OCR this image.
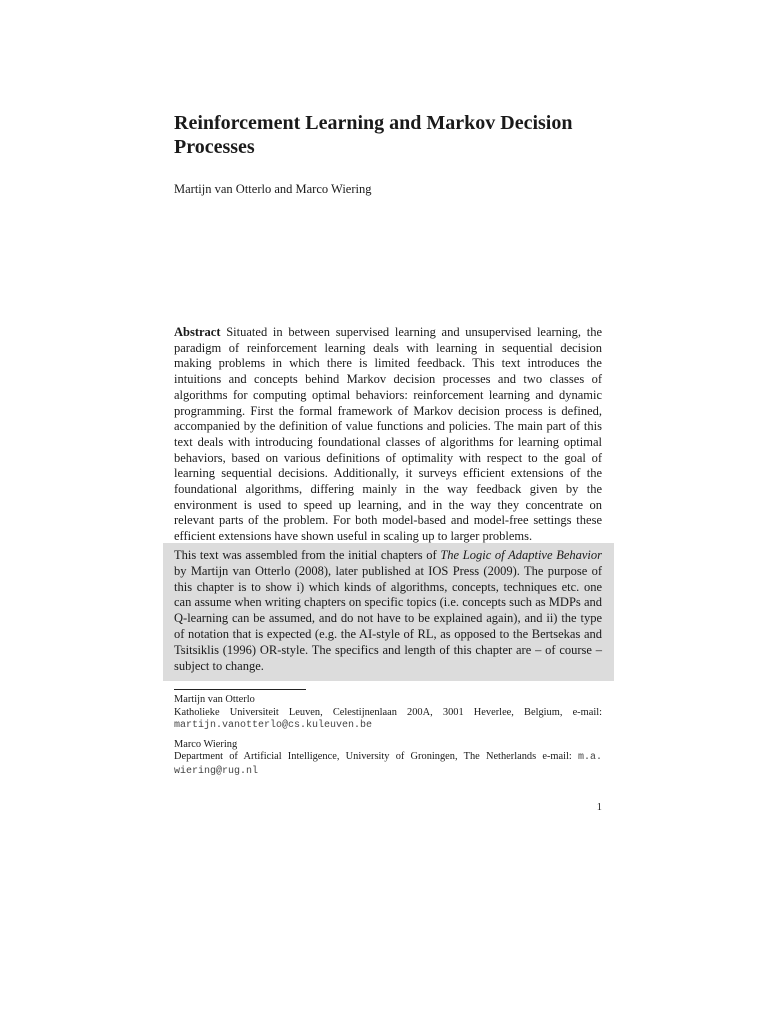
Reinforcement Learning and Markov Decision Processes
Martijn van Otterlo and Marco Wiering

Abstract Situated in between supervised learning and unsupervised learning, the paradigm of reinforcement learning deals with learning in sequential decision making problems in which there is limited feedback. This text introduces the intuitions and concepts behind Markov decision processes and two classes of algorithms for computing optimal behaviors: reinforcement learning and dynamic programming. First the formal framework of Markov decision process is defined, accompanied by the definition of value functions and policies. The main part of this text deals with introducing foundational classes of algorithms for learning optimal behaviors, based on various definitions of optimality with respect to the goal of learning sequential decisions. Additionally, it surveys efficient extensions of the foundational algorithms, differing mainly in the way feedback given by the environment is used to speed up learning, and in the way they concentrate on relevant parts of the problem. For both model-based and model-free settings these efficient extensions have shown useful in scaling up to larger problems.

This text was assembled from the initial chapters of The Logic of Adaptive Behavior by Martijn van Otterlo (2008), later published at IOS Press (2009). The purpose of this chapter is to show i) which kinds of algorithms, concepts, techniques etc. one can assume when writing chapters on specific topics (i.e. concepts such as MDPs and Q-learning can be assumed, and do not have to be explained again), and ii) the type of notation that is expected (e.g. the AI-style of RL, as opposed to the Bertsekas and Tsitsiklis (1996) OR-style. The specifics and length of this chapter are – of course – subject to change.

Martijn van Otterlo
Katholieke Universiteit Leuven, Celestijnenlaan 200A, 3001 Heverlee, Belgium, e-mail:
martijn.vanotterlo@cs.kuleuven.be
Marco Wiering
Department of Artificial Intelligence, University of Groningen, The Netherlands e-mail: m.a.
wiering@rug.nl
1
